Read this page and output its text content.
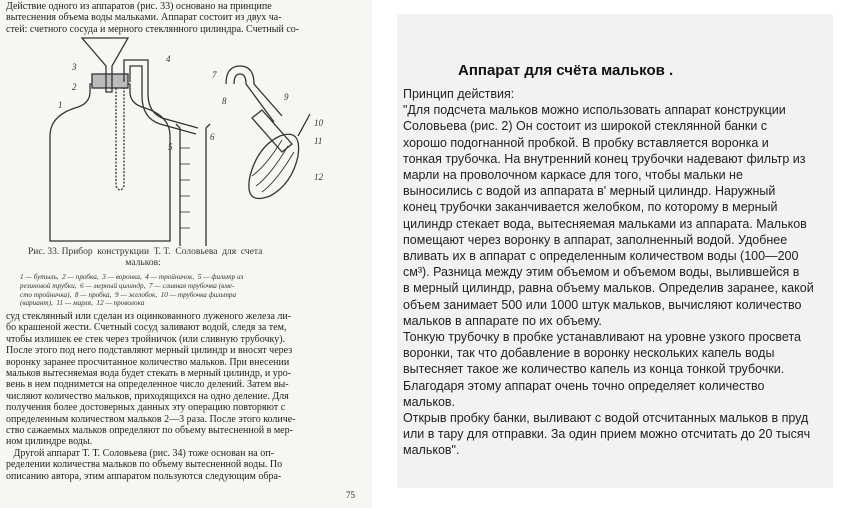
Действие одного из аппаратов (рис. 33) основано на принципе
вытеснения объема воды мальками. Аппарат состоит из двух ча-
стей: счетного сосуда и мерного стеклянного цилиндра. Счетный со-
3
4
7
1
2
6
5
8	9
10
11
12
Рис. 33. Прибор  конструкции  Т. Т.  Соловьева  для  счета
мальков:
1 — бутыль,  2 — пробка,  3 — воронка,  4 — тройничок,  5 — фильтр из
резиновой трубки,  6 — мерный цилиндр,  7 — сливная трубочка (вме-
сто тройничка),  8 — пробка,  9 — желобок,  10 — трубочка фильтра
(вариант),  11 — марля,  12 — проволока
суд стеклянный или сделан из оцинкованного луженого железа ли-
бо крашеной жести. Счетный сосуд заливают водой, следя за тем,
чтобы излишек ее стек через тройничок (или сливную трубочку).
После этого под него подставляют мерный цилиндр и вносят через
воронку заранее просчитанное количество мальков. При внесении
мальков вытесняемая вода будет стекать в мерный цилиндр, и уро-
вень в нем поднимется на определенное число делений. Затем вы-
числяют количество мальков, приходящихся на одно деление. Для
получения более достоверных данных эту операцию повторяют с
определенным количеством мальков 2—3 раза. После этого количе-
ство сажаемых мальков определяют по объему вытесненной в мер-
ном цилиндре воды.
Другой аппарат Т. Т. Соловьева (рис. 34) тоже основан на оп-
ределении количества мальков по объему вытесненной воды. По
описанию автора, этим аппаратом пользуются следующим обра-
75
Аппарат для счёта мальков .
Принцип действия:
"Для подсчета мальков можно использовать аппарат конструкции
Соловьева (рис. 2) Он состоит из широкой стеклянной банки с
хорошо подогнанной пробкой. В пробку вставляется воронка и
тонкая трубочка. На внутренний конец трубочки надевают фильтр из
марли на проволочном каркасе для того, чтобы мальки не
выносились с водой из аппарата в' мерный цилиндр. Наружный
конец трубочки заканчивается желобком, по которому в мерный
цилиндр стекает вода, вытесняемая мальками из аппарата. Мальков
помещают через воронку в аппарат, заполненный водой. Удобнее
вливать их в аппарат с определенным количеством воды (100—200
см³). Разница между этим объемом и объемом воды, вылившейся в
в мерный цилиндр, равна объему мальков. Определив заранее, какой
объем занимает 500 или 1000 штук мальков, вычисляют количество
мальков в аппарате по их объему.
Тонкую трубочку в пробке устанавливают на уровне узкого просвета
воронки, так что добавление в воронку нескольких капель воды
вытесняет такое же количество капель из конца тонкой трубочки.
Благодаря этому аппарат очень точно определяет количество
мальков.
Открыв пробку банки, выливают с водой отсчитанных мальков в пруд
или в тару для отправки. За один прием можно отсчитать до 20 тысяч
мальков".
